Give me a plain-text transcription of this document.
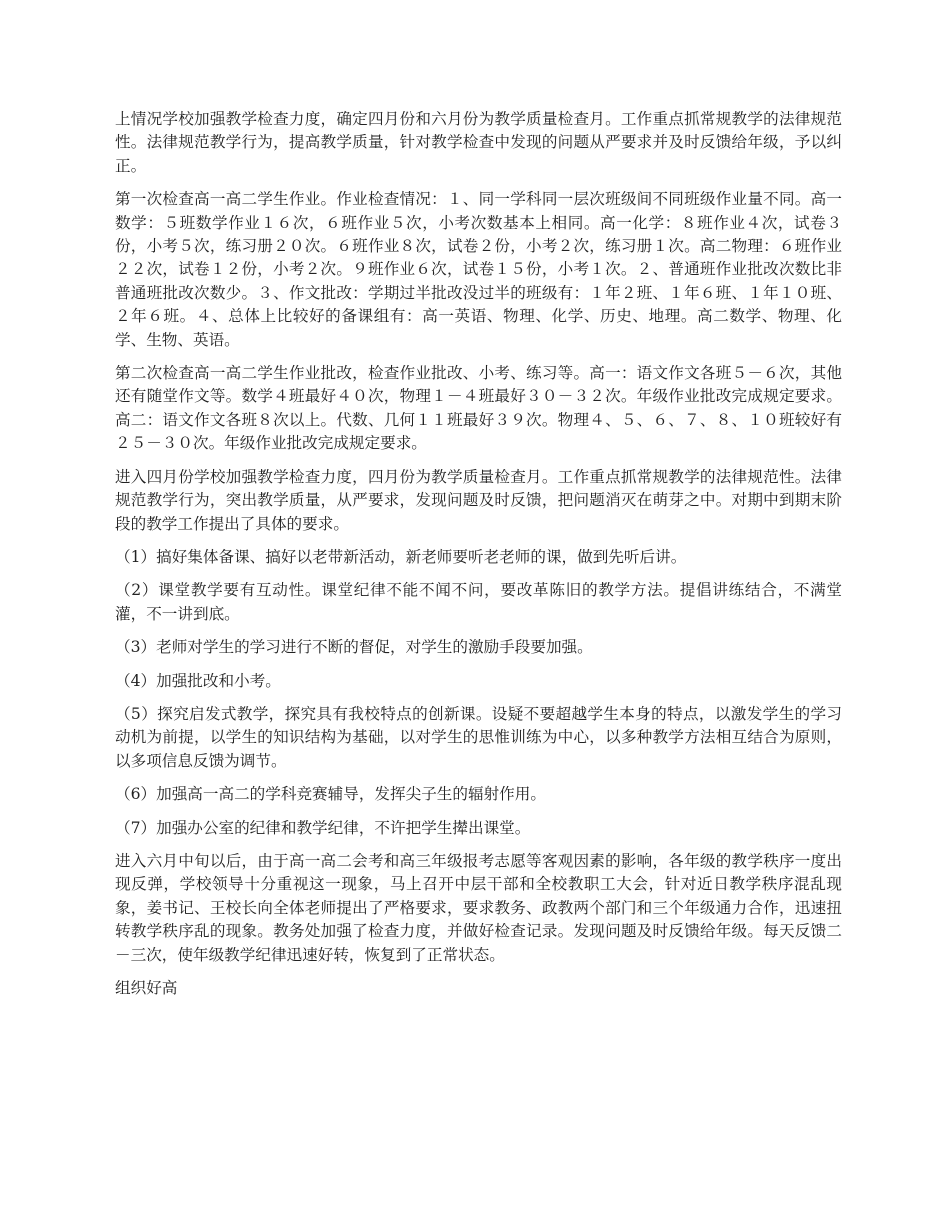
上情况学校加强教学检查力度，确定四月份和六月份为教学质量检查月。工作重点抓常规教学的法律规范性。法律规范教学行为，提高教学质量，针对教学检查中发现的问题从严要求并及时反馈给年级，予以纠正。

第一次检查高一高二学生作业。作业检查情况：１、同一学科同一层次班级间不同班级作业量不同。高一数学：５班数学作业１６次，６班作业５次，小考次数基本上相同。高一化学：８班作业４次，试卷３份，小考５次，练习册２０次。６班作业８次，试卷２份，小考２次，练习册１次。高二物理：６班作业２２次，试卷１２份，小考２次。９班作业６次，试卷１５份，小考１次。２、普通班作业批改次数比非普通班批改次数少。３、作文批改：学期过半批改没过半的班级有：１年２班、１年６班、１年１０班、２年６班。４、总体上比较好的备课组有：高一英语、物理、化学、历史、地理。高二数学、物理、化学、生物、英语。

第二次检查高一高二学生作业批改，检查作业批改、小考、练习等。高一：语文作文各班５－６次，其他还有随堂作文等。数学４班最好４０次，物理１－４班最好３０－３２次。年级作业批改完成规定要求。高二：语文作文各班８次以上。代数、几何１１班最好３９次。物理４、５、６、７、８、１０班较好有２５－３０次。年级作业批改完成规定要求。

进入四月份学校加强教学检查力度，四月份为教学质量检查月。工作重点抓常规教学的法律规范性。法律规范教学行为，突出教学质量，从严要求，发现问题及时反馈，把问题消灭在萌芽之中。对期中到期末阶段的教学工作提出了具体的要求。

（1）搞好集体备课、搞好以老带新活动，新老师要听老老师的课，做到先听后讲。

（2）课堂教学要有互动性。课堂纪律不能不闻不问，要改革陈旧的教学方法。提倡讲练结合，不满堂灌，不一讲到底。

（3）老师对学生的学习进行不断的督促，对学生的激励手段要加强。

（4）加强批改和小考。

（5）探究启发式教学，探究具有我校特点的创新课。设疑不要超越学生本身的特点，以激发学生的学习动机为前提，以学生的知识结构为基础，以对学生的思惟训练为中心，以多种教学方法相互结合为原则，以多项信息反馈为调节。

（6）加强高一高二的学科竞赛辅导，发挥尖子生的辐射作用。

（7）加强办公室的纪律和教学纪律，不许把学生撵出课堂。

进入六月中旬以后，由于高一高二会考和高三年级报考志愿等客观因素的影响，各年级的教学秩序一度出现反弹，学校领导十分重视这一现象，马上召开中层干部和全校教职工大会，针对近日教学秩序混乱现象，姜书记、王校长向全体老师提出了严格要求，要求教务、政教两个部门和三个年级通力合作，迅速扭转教学秩序乱的现象。教务处加强了检查力度，并做好检查记录。发现问题及时反馈给年级。每天反馈二－三次，使年级教学纪律迅速好转，恢复到了正常状态。

组织好高
